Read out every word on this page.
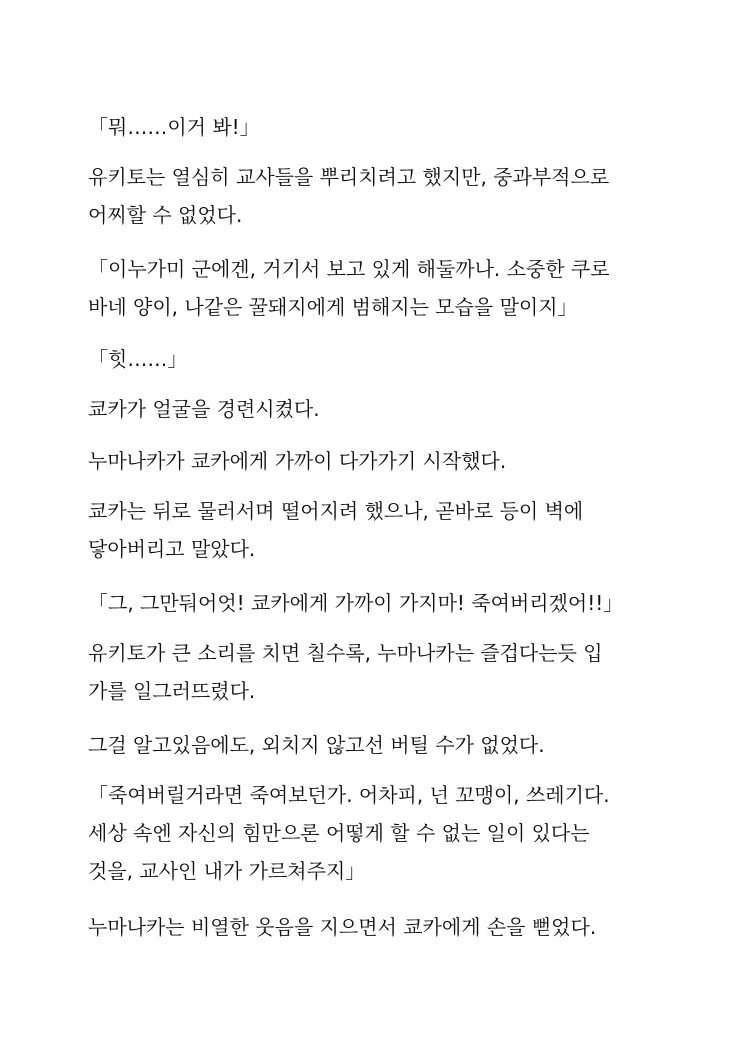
「뭐……이거 봐!」

유키토는 열심히 교사들을 뿌리치려고 했지만, 중과부적으로
어찌할 수 없었다.

「이누가미 군에겐, 거기서 보고 있게 해둘까나. 소중한 쿠로
바네 양이, 나같은 꿀돼지에게 범해지는 모습을 말이지」

「힛……」

쿄카가 얼굴을 경련시켰다.

누마나카가 쿄카에게 가까이 다가가기 시작했다.

쿄카는 뒤로 물러서며 떨어지려 했으나, 곧바로 등이 벽에
닿아버리고 말았다.

「그, 그만둬어엇! 쿄카에게 가까이 가지마! 죽여버리겠어!!」

유키토가 큰 소리를 치면 칠수록, 누마나카는 즐겁다는듯 입
가를 일그러뜨렸다.

그걸 알고있음에도, 외치지 않고선 버틸 수가 없었다.

「죽여버릴거라면 죽여보던가. 어차피, 넌 꼬맹이, 쓰레기다.
세상 속엔 자신의 힘만으론 어떻게 할 수 없는 일이 있다는
것을, 교사인 내가 가르쳐주지」

누마나카는 비열한 웃음을 지으면서 쿄카에게 손을 뻗었다.
